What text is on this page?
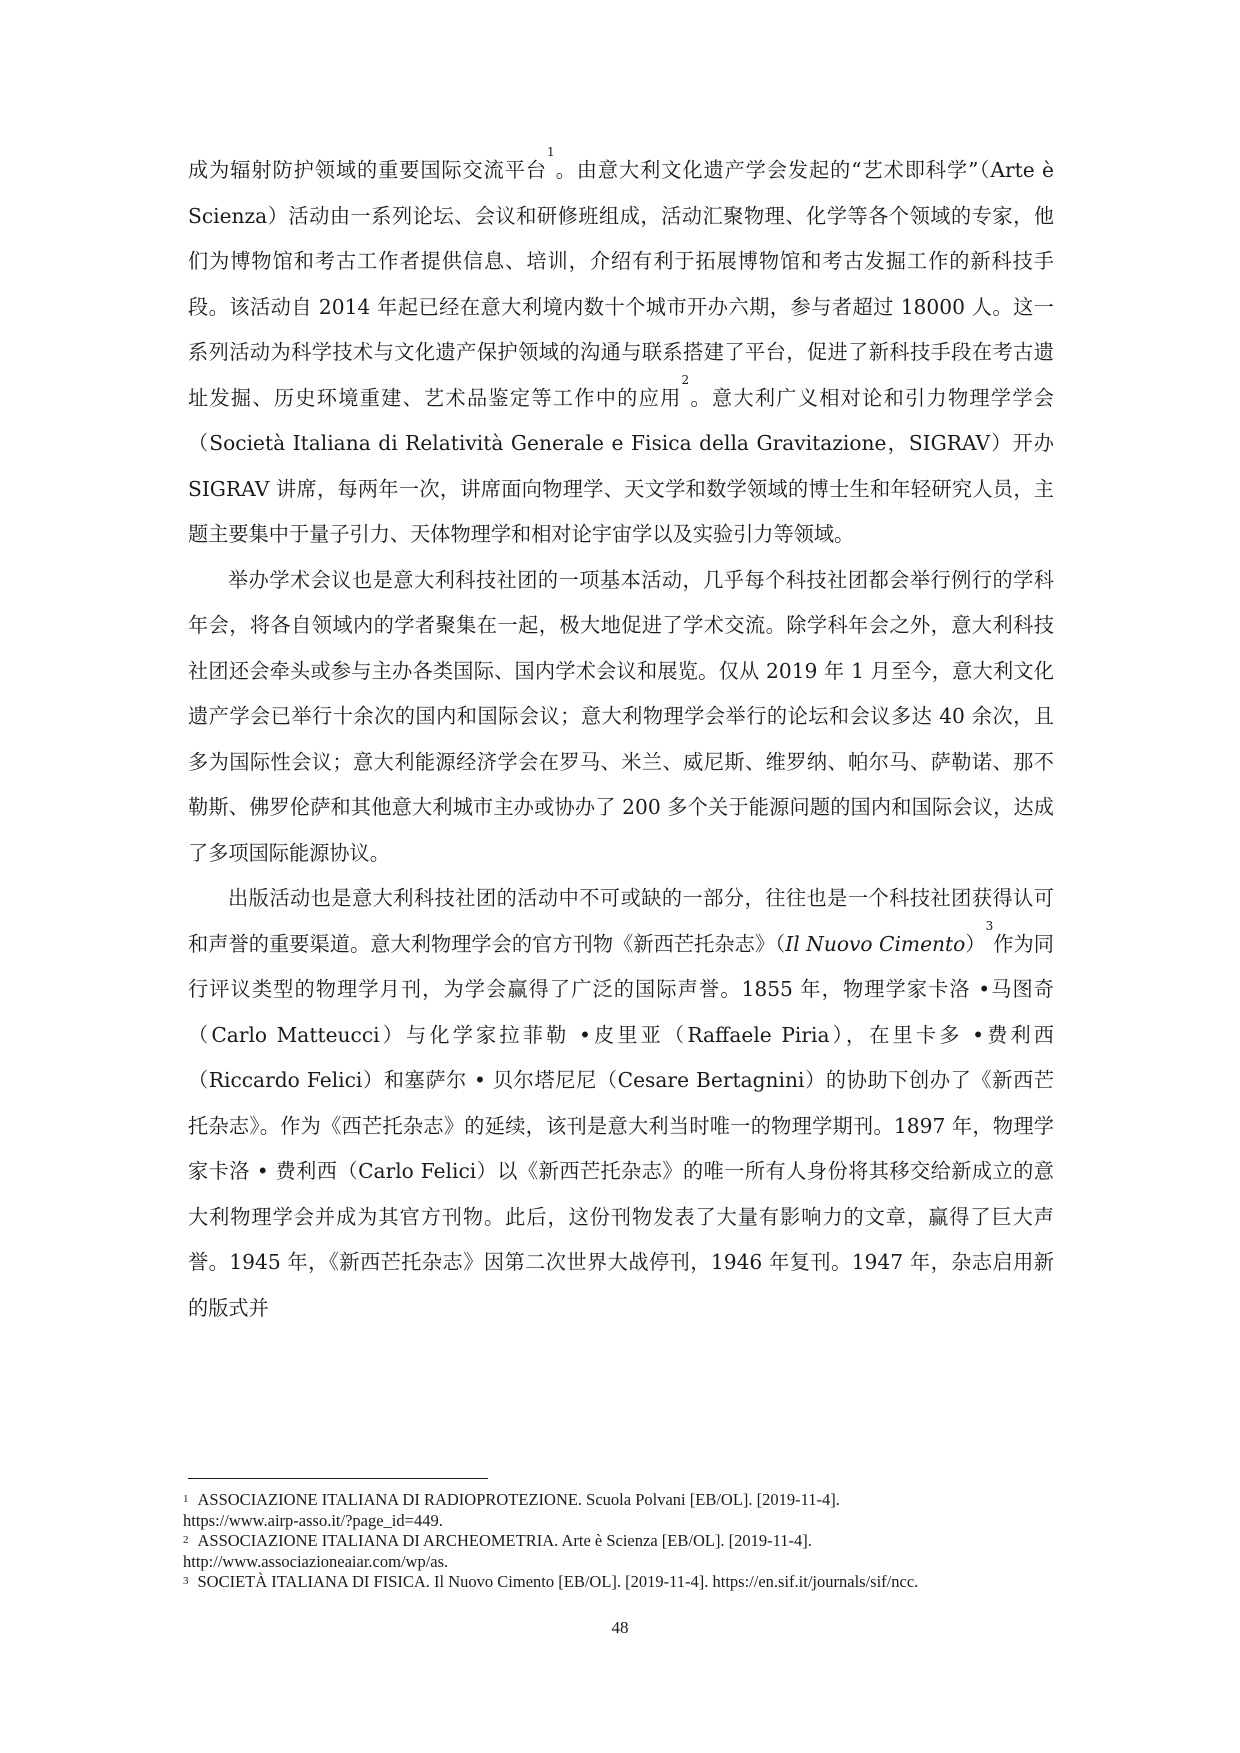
成为辐射防护领域的重要国际交流平台$^1$。由意大利文化遗产学会发起的“艺术即科学”（Arte è Scienza）活动由一系列论坛、会议和研修班组成，活动汇聚物理、化学等各个领域的专家，他们为博物馆和考古工作者提供信息、培训，介绍有利于拓展博物馆和考古发掘工作的新科技手段。该活动自 2014 年起已经在意大利境内数十个城市开办六期，参与者超过 18000 人。这一系列活动为科学技术与文化遗产保护领域的沟通与联系搭建了平台，促进了新科技手段在考古遗址发掘、历史环境重建、艺术品鉴定等工作中的应用$^2$。意大利广义相对论和引力物理学学会（Società Italiana di Relatività Generale e Fisica della Gravitazione，SIGRAV）开办 SIGRAV 讲席，每两年一次，讲席面向物理学、天文学和数学领域的博士生和年轻研究人员，主题主要集中于量子引力、天体物理学和相对论宇宙学以及实验引力等领域。

举办学术会议也是意大利科技社团的一项基本活动，几乎每个科技社团都会举行例行的学科年会，将各自领域内的学者聚集在一起，极大地促进了学术交流。除学科年会之外，意大利科技社团还会牵头或参与主办各类国际、国内学术会议和展览。仅从 2019 年 1 月至今，意大利文化遗产学会已举行十余次的国内和国际会议；意大利物理学会举行的论坛和会议多达 40 余次，且多为国际性会议；意大利能源经济学会在罗马、米兰、威尼斯、维罗纳、帕尔马、萨勒诺、那不勒斯、佛罗伦萨和其他意大利城市主办或协办了 200 多个关于能源问题的国内和国际会议，达成了多项国际能源协议。

出版活动也是意大利科技社团的活动中不可或缺的一部分，往往也是一个科技社团获得认可和声誉的重要渠道。意大利物理学会的官方刊物《新西芒托杂志》（Il Nuovo Cimento）$^3$作为同行评议类型的物理学月刊，为学会赢得了广泛的国际声誉。1855 年，物理学家卡洛 •马图奇（Carlo Matteucci）与化学家拉菲勒 •皮里亚（Raffaele Piria），在里卡多 •费利西（Riccardo Felici）和塞萨尔 • 贝尔塔尼尼（Cesare Bertagnini）的协助下创办了《新西芒托杂志》。作为《西芒托杂志》的延续，该刊是意大利当时唯一的物理学期刊。1897 年，物理学家卡洛 • 费利西（Carlo Felici）以《新西芒托杂志》的唯一所有人身份将其移交给新成立的意大利物理学会并成为其官方刊物。此后，这份刊物发表了大量有影响力的文章，赢得了巨大声誉。1945 年，《新西芒托杂志》因第二次世界大战停刊，1946 年复刊。1947 年，杂志启用新的版式并

$^1$ ASSOCIAZIONE ITALIANA DI RADIOPROTEZIONE. Scuola Polvani [EB/OL]. [2019-11-4].
https://www.airp-asso.it/?page_id=449.

$^2$ ASSOCIAZIONE ITALIANA DI ARCHEOMETRIA. Arte è Scienza [EB/OL]. [2019-11-4].
http://www.associazioneaiar.com/wp/as.

$^3$ SOCIETÀ ITALIANA DI FISICA. Il Nuovo Cimento [EB/OL]. [2019-11-4]. https://en.sif.it/journals/sif/ncc.

48
